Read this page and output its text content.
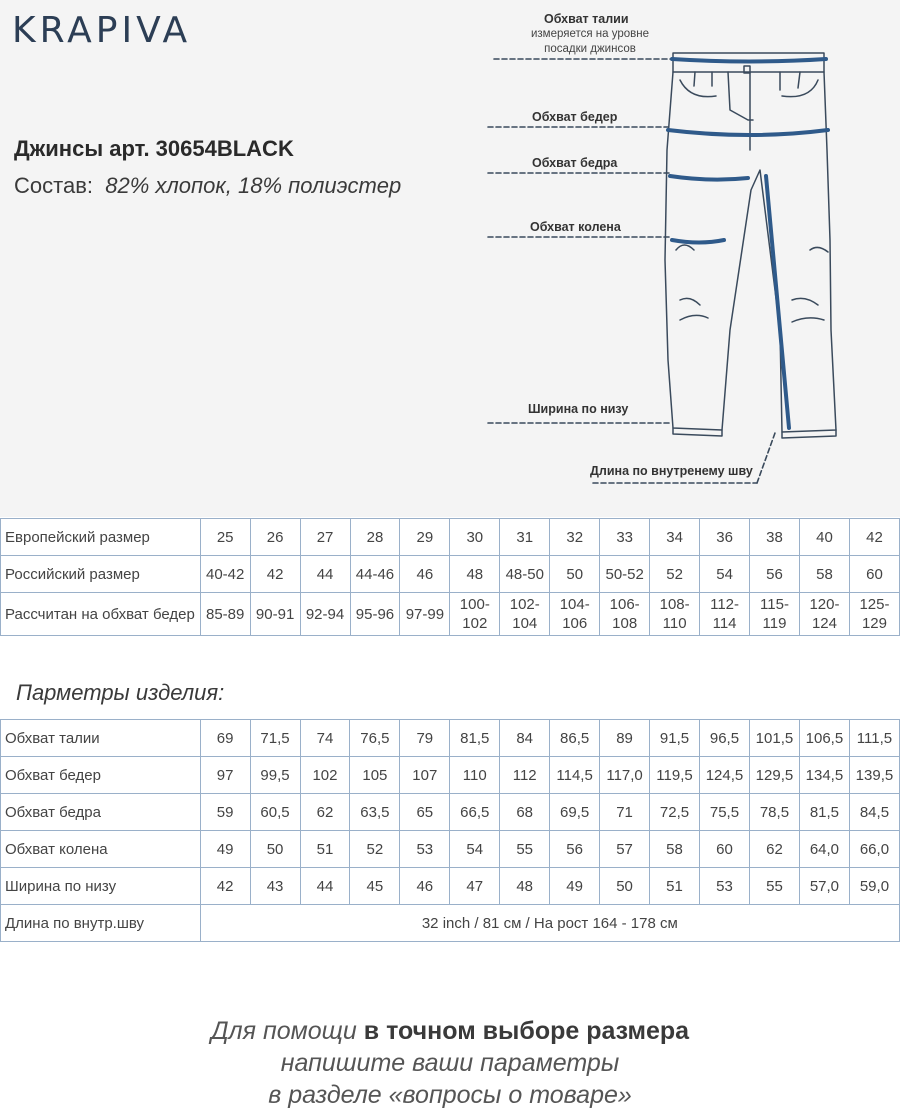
KRAPIVA
Джинсы арт. 30654BLACK
Состав: 82% хлопок, 18% полиэстер
Обхват талии
измеряется на уровне
посадки джинсов
Обхват бедер
Обхват бедра
Обхват колена
Ширина по низу
Длина по внутренему шву
Европейский размер	25	26	27	28	29	30	31	32	33	34	36	38	40	42
Российский размер	40-42	42	44	44-46	46	48	48-50	50	50-52	52	54	56	58	60
Рассчитан на обхват бедер	85-89	90-91	92-94	95-96	97-99	100-102	102-104	104-106	106-108	108-110	112-114	115-119	120-124	125-129
Парметры изделия:
Обхват талии	69	71,5	74	76,5	79	81,5	84	86,5	89	91,5	96,5	101,5	106,5	111,5
Обхват бедер	97	99,5	102	105	107	110	112	114,5	117,0	119,5	124,5	129,5	134,5	139,5
Обхват бедра	59	60,5	62	63,5	65	66,5	68	69,5	71	72,5	75,5	78,5	81,5	84,5
Обхват колена	49	50	51	52	53	54	55	56	57	58	60	62	64,0	66,0
Ширина по низу	42	43	44	45	46	47	48	49	50	51	53	55	57,0	59,0
Длина по внутр.шву	32 inch / 81 см / На рост 164 - 178 см													
Для помощи в точном выборе размера
напишите ваши параметры
в разделе «вопросы о товаре»
